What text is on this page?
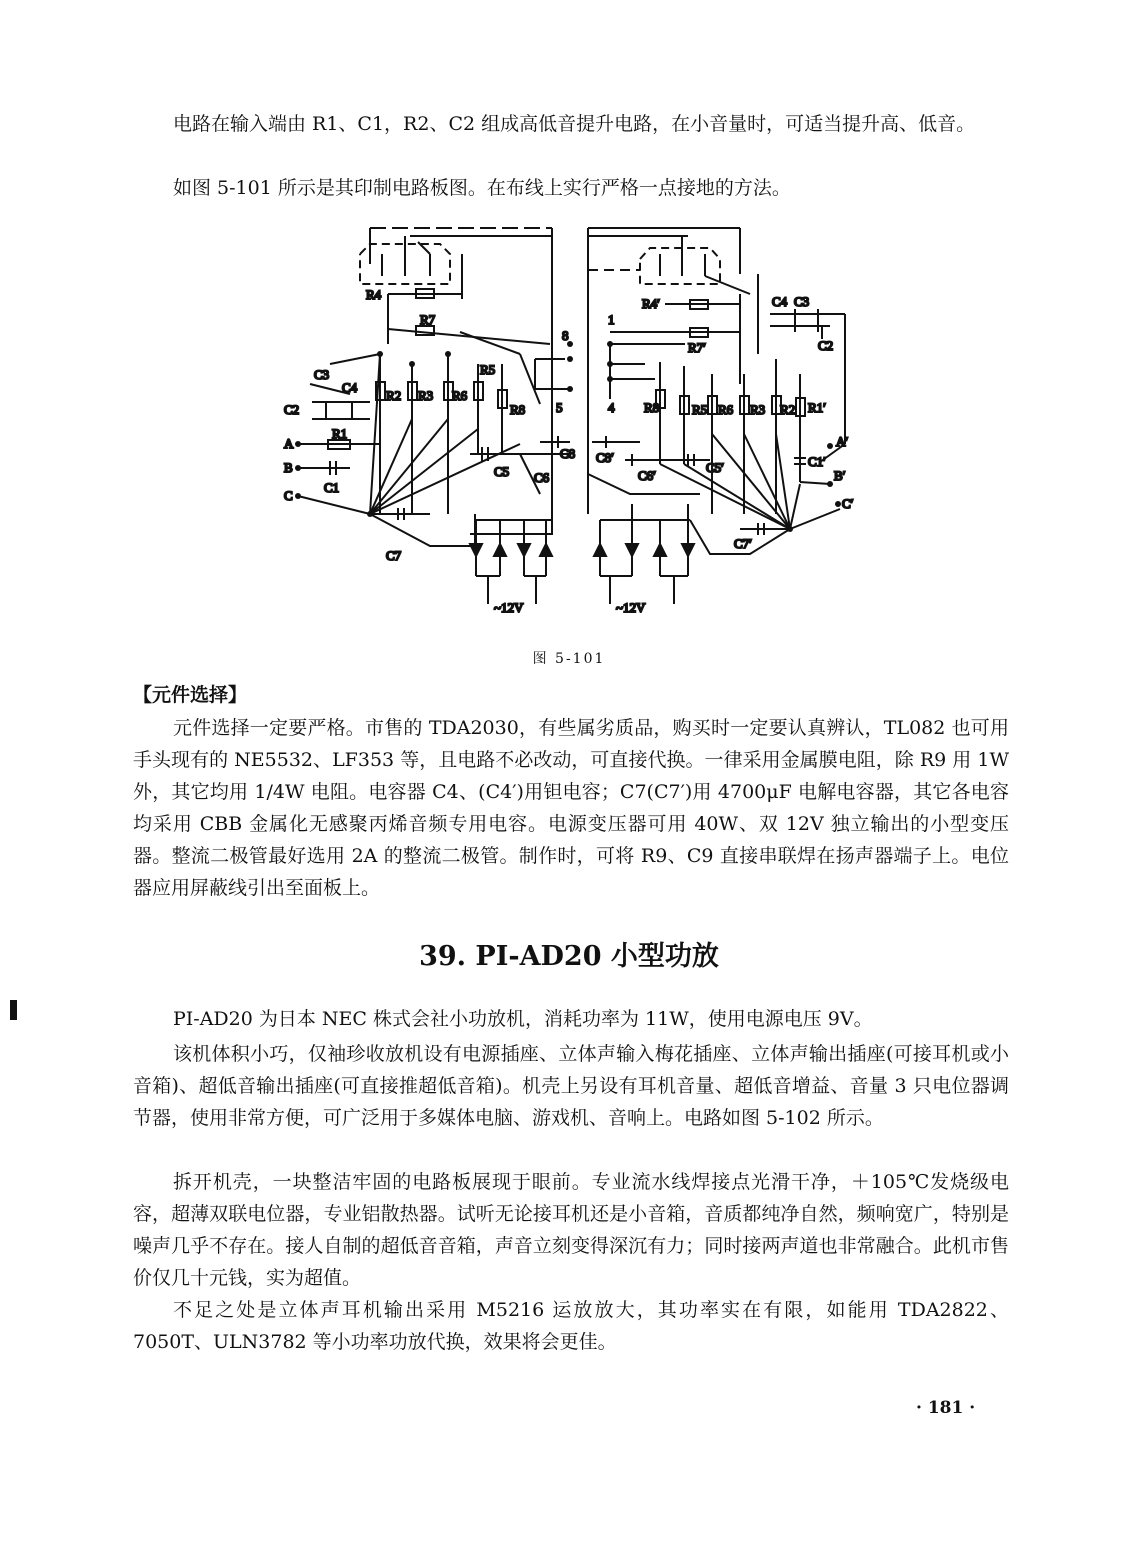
电路在输入端由 R1、C1，R2、C2 组成高低音提升电路，在小音量时，可适当提升高、低音。

如图 5-101 所示是其印制电路板图。在布线上实行严格一点接地的方法。

R4
R7
C3
C4
C2
R2 R3 R6
R5
R8
R1
A
B
C
C1
C5 C6
C8
C7
8
5
1
4
~12V	~12V
R4′
R7′
C4 C3
C2
R8	R5 R6 R3 R2 R1′
A′
B′
C′
C1′
C8′
C6′
C5′
C7′
图 5-101
【元件选择】

元件选择一定要严格。市售的 TDA2030，有些属劣质品，购买时一定要认真辨认，TL082 也可用手头现有的 NE5532、LF353 等，且电路不必改动，可直接代换。一律采用金属膜电阻，除 R9 用 1W 外，其它均用 1/4W 电阻。电容器 C4、(C4′)用钽电容；C7(C7′)用 4700μF 电解电容器，其它各电容均采用 CBB 金属化无感聚丙烯音频专用电容。电源变压器可用 40W、双 12V 独立输出的小型变压器。整流二极管最好选用 2A 的整流二极管。制作时，可将 R9、C9 直接串联焊在扬声器端子上。电位器应用屏蔽线引出至面板上。

39. PI-AD20 小型功放

PI-AD20 为日本 NEC 株式会社小功放机，消耗功率为 11W，使用电源电压 9V。

该机体积小巧，仅袖珍收放机设有电源插座、立体声输入梅花插座、立体声输出插座(可接耳机或小音箱)、超低音输出插座(可直接推超低音箱)。机壳上另设有耳机音量、超低音增益、音量 3 只电位器调节器，使用非常方便，可广泛用于多媒体电脑、游戏机、音响上。电路如图 5-102 所示。

拆开机壳，一块整洁牢固的电路板展现于眼前。专业流水线焊接点光滑干净，＋105℃发烧级电容，超薄双联电位器，专业铝散热器。试听无论接耳机还是小音箱，音质都纯净自然，频响宽广，特别是噪声几乎不存在。接人自制的超低音音箱，声音立刻变得深沉有力；同时接两声道也非常融合。此机市售价仅几十元钱，实为超值。

不足之处是立体声耳机输出采用 M5216 运放放大，其功率实在有限，如能用 TDA2822、7050T、ULN3782 等小功率功放代换，效果将会更佳。

· 181 ·
